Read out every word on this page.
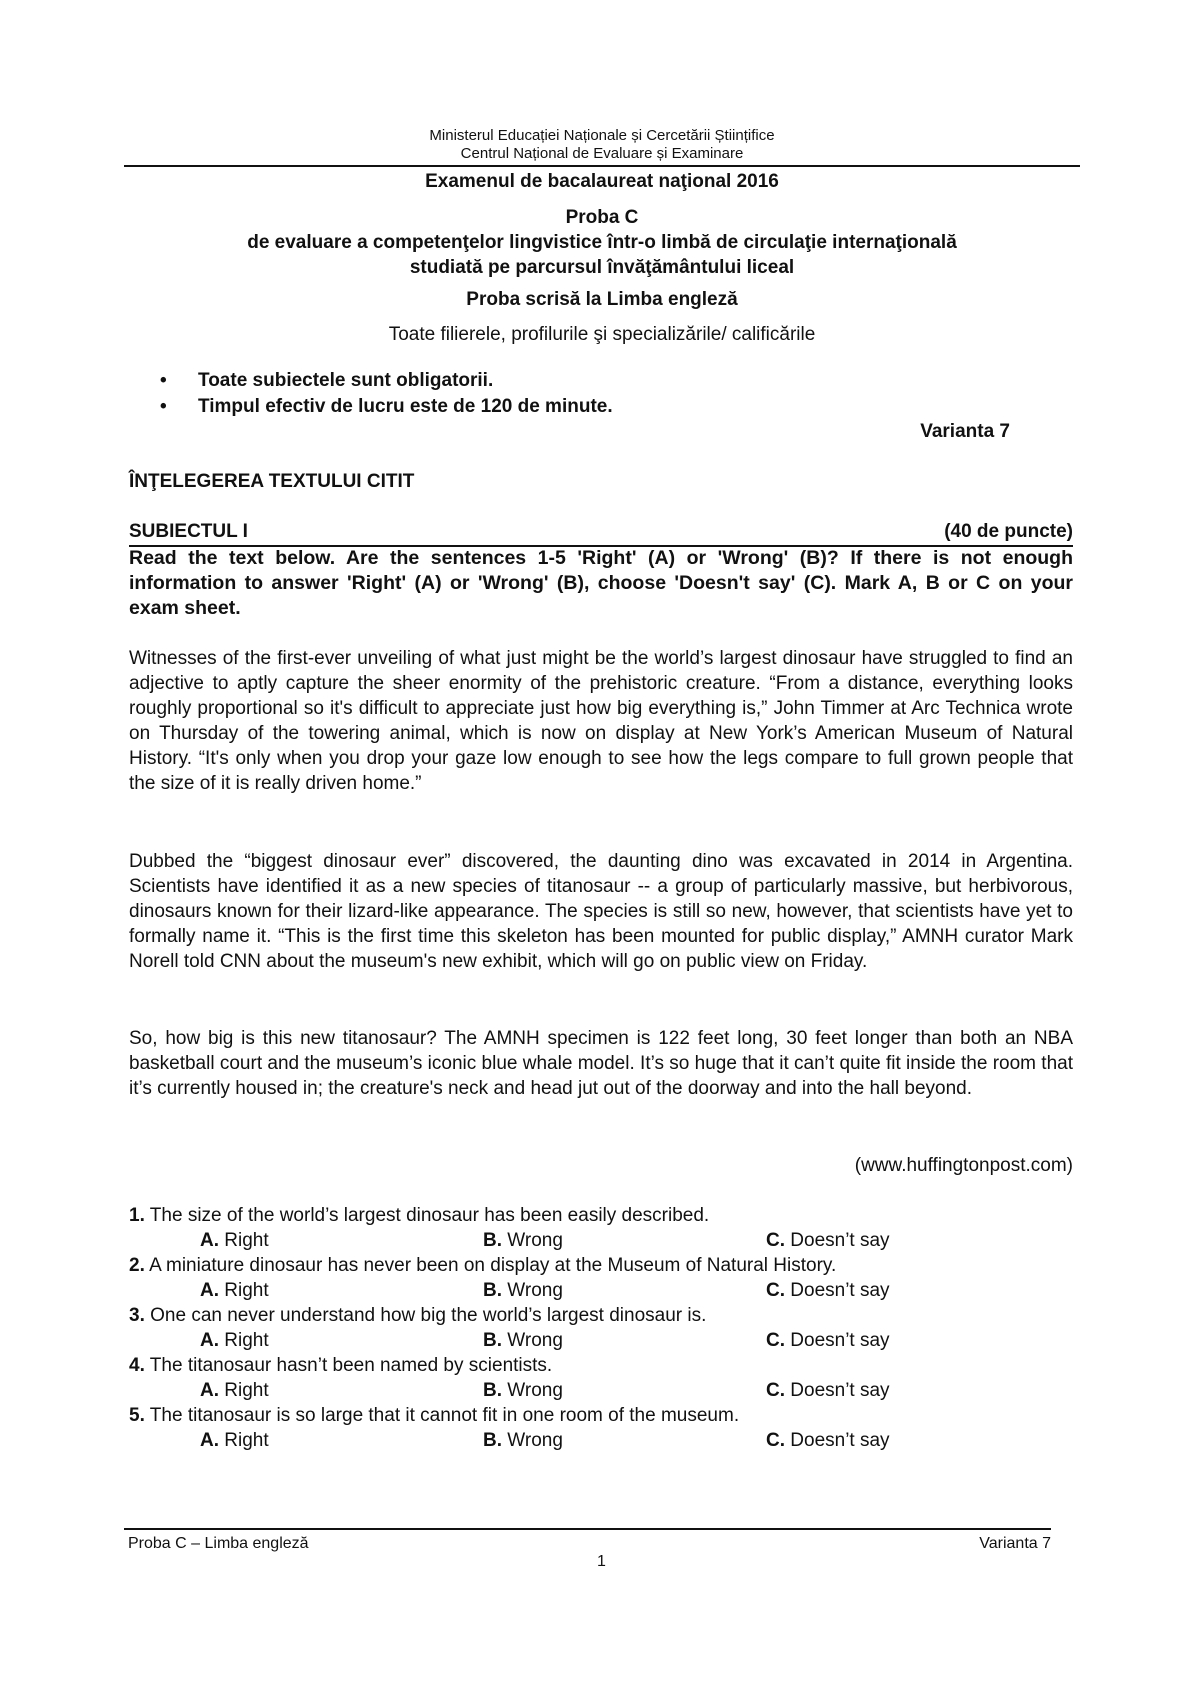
Ministerul Educației Naționale și Cercetării Științifice
Centrul Național de Evaluare și Examinare
Examenul de bacalaureat naţional 2016
Proba C
de evaluare a competenţelor lingvistice într-o limbă de circulaţie internaţională
studiată pe parcursul învăţământului liceal
Proba scrisă la Limba engleză
Toate filierele, profilurile şi specializările/ calificările
• Toate subiectele sunt obligatorii.
• Timpul efectiv de lucru este de 120 de minute.
Varianta 7
ÎNŢELEGEREA TEXTULUI CITIT
SUBIECTUL I	(40 de puncte)
Read the text below. Are the sentences 1-5 'Right' (A) or 'Wrong' (B)? If there is not enough information to answer 'Right' (A) or 'Wrong' (B), choose 'Doesn't say' (C). Mark A, B or C on your exam sheet.

Witnesses of the first-ever unveiling of what just might be the world’s largest dinosaur have struggled to find an adjective to aptly capture the sheer enormity of the prehistoric creature. “From a distance, everything looks roughly proportional so it's difficult to appreciate just how big everything is,” John Timmer at Arc Technica wrote on Thursday of the towering animal, which is now on display at New York’s American Museum of Natural History. “It's only when you drop your gaze low enough to see how the legs compare to full grown people that the size of it is really driven home.”

Dubbed the “biggest dinosaur ever” discovered, the daunting dino was excavated in 2014 in Argentina. Scientists have identified it as a new species of titanosaur -- a group of particularly massive, but herbivorous, dinosaurs known for their lizard-like appearance. The species is still so new, however, that scientists have yet to formally name it. “This is the first time this skeleton has been mounted for public display,” AMNH curator Mark Norell told CNN about the museum's new exhibit, which will go on public view on Friday.

So, how big is this new titanosaur? The AMNH specimen is 122 feet long, 30 feet longer than both an NBA basketball court and the museum’s iconic blue whale model. It’s so huge that it can’t quite fit inside the room that it’s currently housed in; the creature's neck and head jut out of the doorway and into the hall beyond.

(www.huffingtonpost.com)
1. The size of the world’s largest dinosaur has been easily described.
A. Right	B. Wrong	C. Doesn’t say
2. A miniature dinosaur has never been on display at the Museum of Natural History.
A. Right	B. Wrong	C. Doesn’t say
3. One can never understand how big the world’s largest dinosaur is.
A. Right	B. Wrong	C. Doesn’t say
4. The titanosaur hasn’t been named by scientists.
A. Right	B. Wrong	C. Doesn’t say
5. The titanosaur is so large that it cannot fit in one room of the museum.
A. Right	B. Wrong	C. Doesn’t say
Proba C – Limba engleză	Varianta 7
1
